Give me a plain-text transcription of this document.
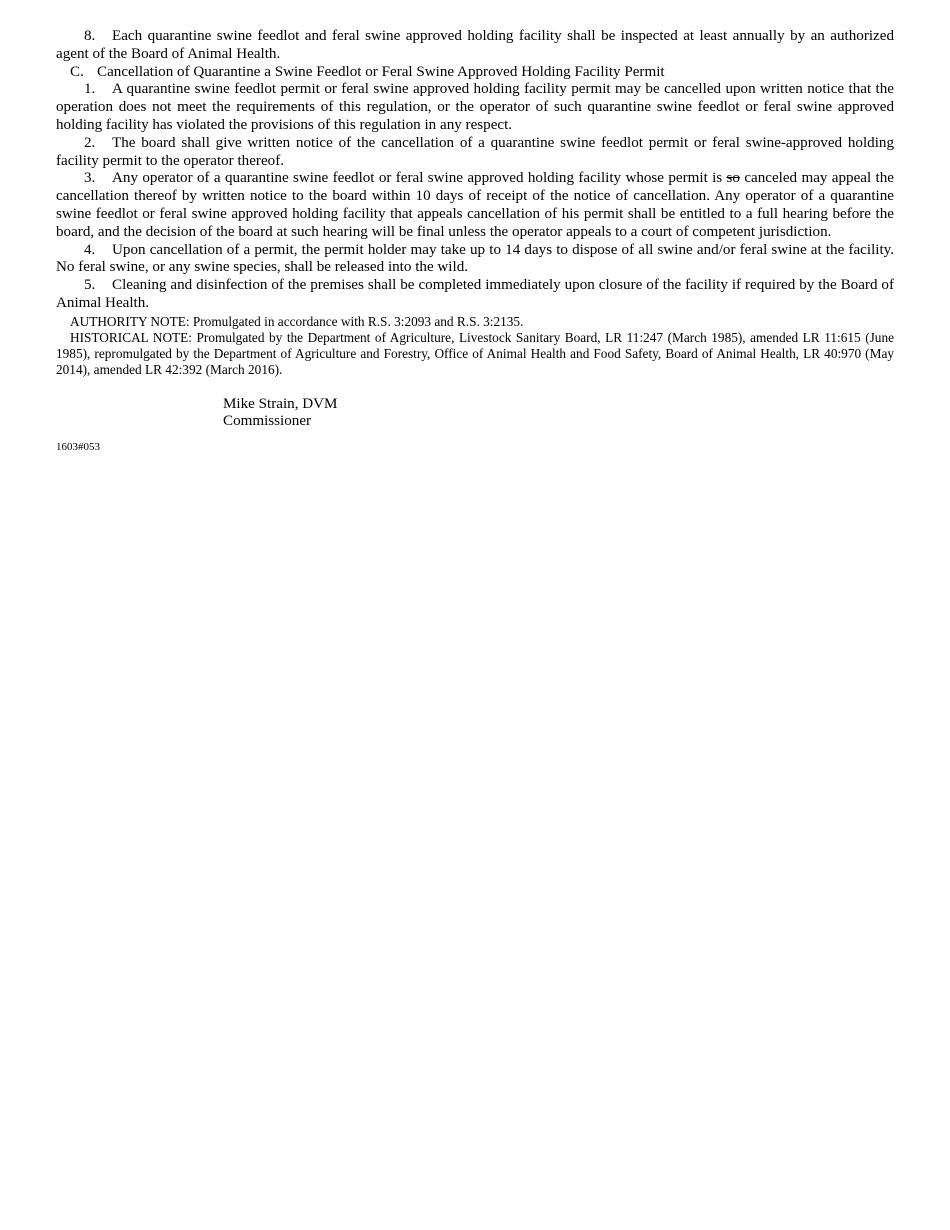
8. Each quarantine swine feedlot and feral swine approved holding facility shall be inspected at least annually by an authorized agent of the Board of Animal Health.

C. Cancellation of Quarantine a Swine Feedlot or Feral Swine Approved Holding Facility Permit

1. A quarantine swine feedlot permit or feral swine approved holding facility permit may be cancelled upon written notice that the operation does not meet the requirements of this regulation, or the operator of such quarantine swine feedlot or feral swine approved holding facility has violated the provisions of this regulation in any respect.

2. The board shall give written notice of the cancellation of a quarantine swine feedlot permit or feral swine-approved holding facility permit to the operator thereof.

3. Any operator of a quarantine swine feedlot or feral swine approved holding facility whose permit is so canceled may appeal the cancellation thereof by written notice to the board within 10 days of receipt of the notice of cancellation. Any operator of a quarantine swine feedlot or feral swine approved holding facility that appeals cancellation of his permit shall be entitled to a full hearing before the board, and the decision of the board at such hearing will be final unless the operator appeals to a court of competent jurisdiction.

4. Upon cancellation of a permit, the permit holder may take up to 14 days to dispose of all swine and/or feral swine at the facility. No feral swine, or any swine species, shall be released into the wild.

5. Cleaning and disinfection of the premises shall be completed immediately upon closure of the facility if required by the Board of Animal Health.

AUTHORITY NOTE: Promulgated in accordance with R.S. 3:2093 and R.S. 3:2135.

HISTORICAL NOTE: Promulgated by the Department of Agriculture, Livestock Sanitary Board, LR 11:247 (March 1985), amended LR 11:615 (June 1985), repromulgated by the Department of Agriculture and Forestry, Office of Animal Health and Food Safety, Board of Animal Health, LR 40:970 (May 2014), amended LR 42:392 (March 2016).

Mike Strain, DVM
Commissioner
1603#053
